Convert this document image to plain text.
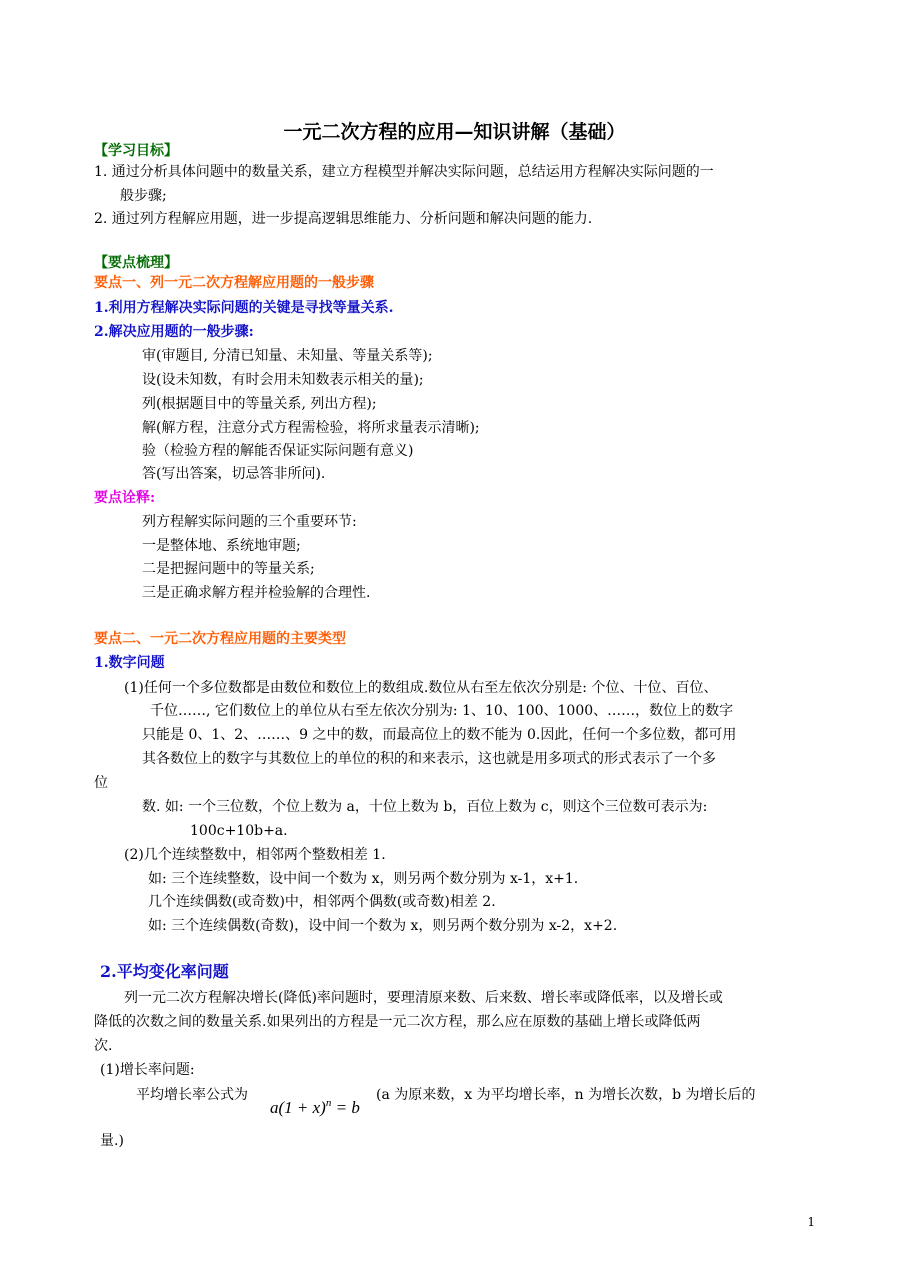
一元二次方程的应用—知识讲解（基础）
【学习目标】
1. 通过分析具体问题中的数量关系，建立方程模型并解决实际问题，总结运用方程解决实际问题的一
般步骤;
2. 通过列方程解应用题，进一步提高逻辑思维能力、分析问题和解决问题的能力.
【要点梳理】
要点一、列一元二次方程解应用题的一般步骤
1.利用方程解决实际问题的关键是寻找等量关系.
2.解决应用题的一般步骤:
审(审题目, 分清已知量、未知量、等量关系等);
设(设未知数，有时会用未知数表示相关的量);
列(根据题目中的等量关系, 列出方程);
解(解方程，注意分式方程需检验，将所求量表示清晰);
验（检验方程的解能否保证实际问题有意义)
答(写出答案，切忌答非所问).
要点诠释:
列方程解实际问题的三个重要环节:
一是整体地、系统地审题;
二是把握问题中的等量关系;
三是正确求解方程并检验解的合理性.
要点二、一元二次方程应用题的主要类型
1.数字问题
(1)任何一个多位数都是由数位和数位上的数组成.数位从右至左依次分别是: 个位、十位、百位、
千位……, 它们数位上的单位从右至左依次分别为: 1、10、100、1000、……，数位上的数字
只能是 0、1、2、……、9 之中的数，而最高位上的数不能为 0.因此，任何一个多位数，都可用
其各数位上的数字与其数位上的单位的积的和来表示，这也就是用多项式的形式表示了一个多
位
数. 如: 一个三位数，个位上数为 a，十位上数为 b，百位上数为 c，则这个三位数可表示为:
100c+10b+a.
(2)几个连续整数中，相邻两个整数相差 1.
如: 三个连续整数，设中间一个数为 x，则另两个数分别为 x-1，x+1.
几个连续偶数(或奇数)中，相邻两个偶数(或奇数)相差 2.
如: 三个连续偶数(奇数)，设中间一个数为 x，则另两个数分别为 x-2，x+2.
2.平均变化率问题
列一元二次方程解决增长(降低)率问题时，要理清原来数、后来数、增长率或降低率，以及增长或
降低的次数之间的数量关系.如果列出的方程是一元二次方程，那么应在原数的基础上增长或降低两
次.
(1)增长率问题:
平均增长率公式为
$a(1 + x)^n = b$
(a 为原来数，x 为平均增长率，n 为增长次数，b 为增长后的
量.)
1
